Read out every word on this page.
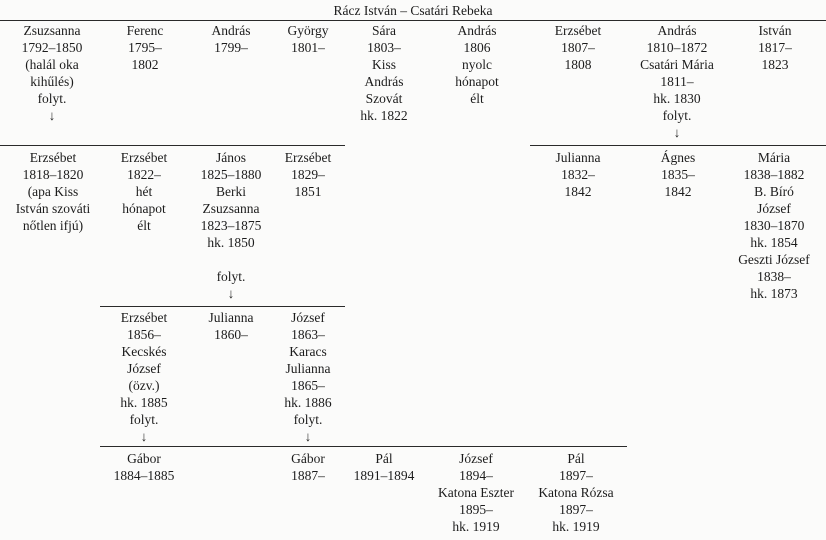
Rácz István – Csatári Rebeka
Zsuzsanna
1792–1850
(halál oka
kihűlés)
folyt.
↓
Ferenc
1795–
1802
András
1799–
György
1801–
Sára
1803–
Kiss
András
Szovát
hk. 1822
András
1806
nyolc
hónapot
élt
Erzsébet
1807–
1808
András
1810–1872
Csatári Mária
1811–
hk. 1830
folyt.
↓
István
1817–
1823
Erzsébet
1818–1820
(apa Kiss
István szováti
nőtlen ifjú)
Erzsébet
1822–
hét
hónapot
élt
János
1825–1880
Berki
Zsuzsanna
1823–1875
hk. 1850

folyt.
↓
Erzsébet
1829–
1851
Julianna
1832–
1842
Ágnes
1835–
1842
Mária
1838–1882
B. Bíró
József
1830–1870
hk. 1854
Geszti József
1838–
hk. 1873
Erzsébet
1856–
Kecskés
József
(özv.)
hk. 1885
folyt.
↓
Julianna
1860–
József
1863–
Karacs
Julianna
1865–
hk. 1886
folyt.
↓
Gábor
1884–1885
Gábor
1887–
Pál
1891–1894
József
1894–
Katona Eszter
1895–
hk. 1919
Pál
1897–
Katona Rózsa
1897–
hk. 1919
